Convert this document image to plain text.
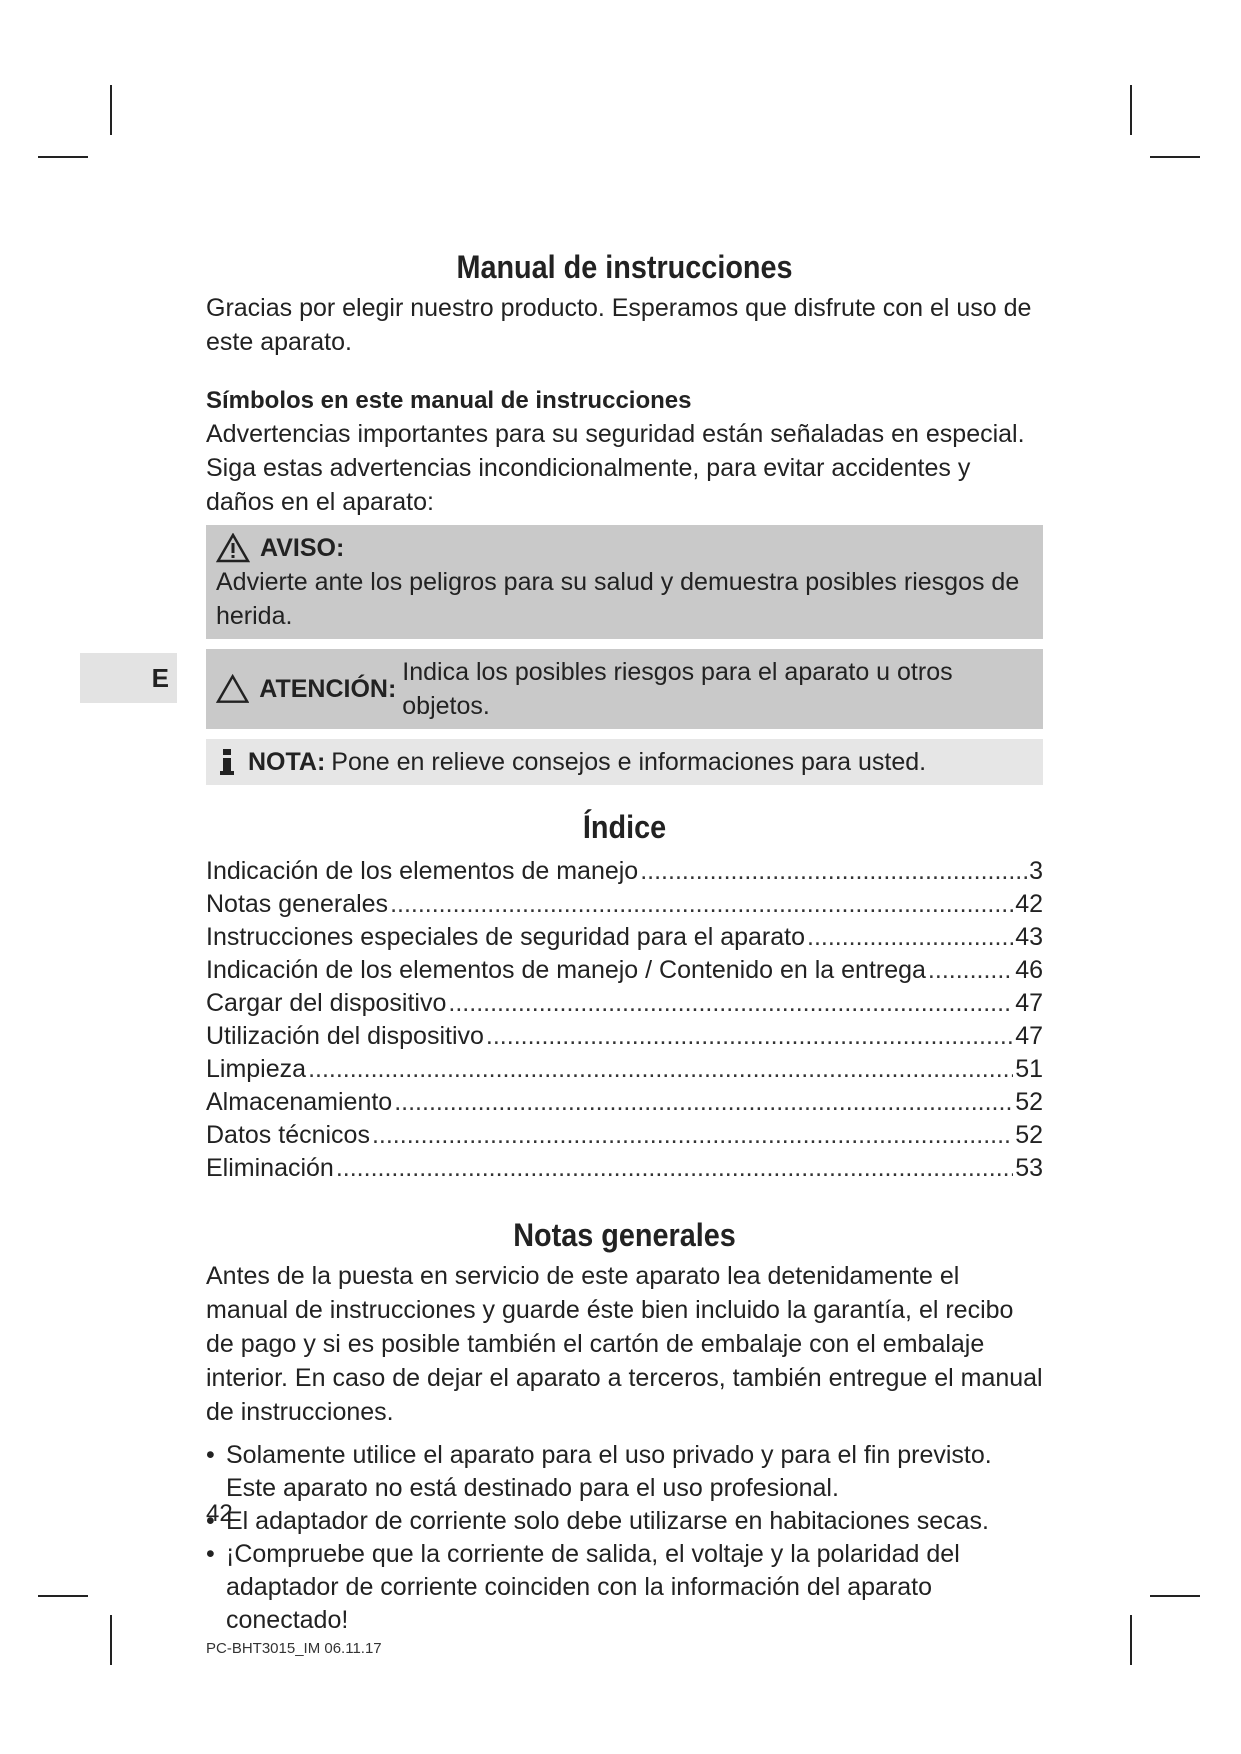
E
Manual de instrucciones

Gracias por elegir nuestro producto. Esperamos que disfrute con el uso de este aparato.

Símbolos en este manual de instrucciones

Advertencias importantes para su seguridad están señaladas en especial. Siga estas advertencias incondicionalmente, para evitar accidentes y daños en el aparato:

AVISO:
Advierte ante los peligros para su salud y demuestra posibles riesgos de herida.
ATENCIÓN:
Indica los posibles riesgos para el aparato u otros objetos.
NOTA: Pone en relieve consejos e informaciones para usted.
Índice
Indicación de los elementos de manejo .....	3
Notas generales .....	42
Instrucciones especiales de seguridad para el aparato .....	43
Indicación de los elementos de manejo / Contenido en la entrega .....	46
Cargar del dispositivo .....	47
Utilización del dispositivo .....	47
Limpieza .....	51
Almacenamiento .....	52
Datos técnicos .....	52
Eliminación .....	53
Notas generales

Antes de la puesta en servicio de este aparato lea detenidamente el manual de instrucciones y guarde éste bien incluido la garantía, el recibo de pago y si es posible también el cartón de embalaje con el embalaje interior. En caso de dejar el aparato a terceros, también entregue el manual de instrucciones.

• Solamente utilice el aparato para el uso privado y para el fin previsto. Este aparato no está destinado para el uso profesional.
• El adaptador de corriente solo debe utilizarse en habitaciones secas.
• ¡Compruebe que la corriente de salida, el voltaje y la polaridad del adaptador de corriente coinciden con la información del aparato conectado!
42
PC-BHT3015_IM 06.11.17
